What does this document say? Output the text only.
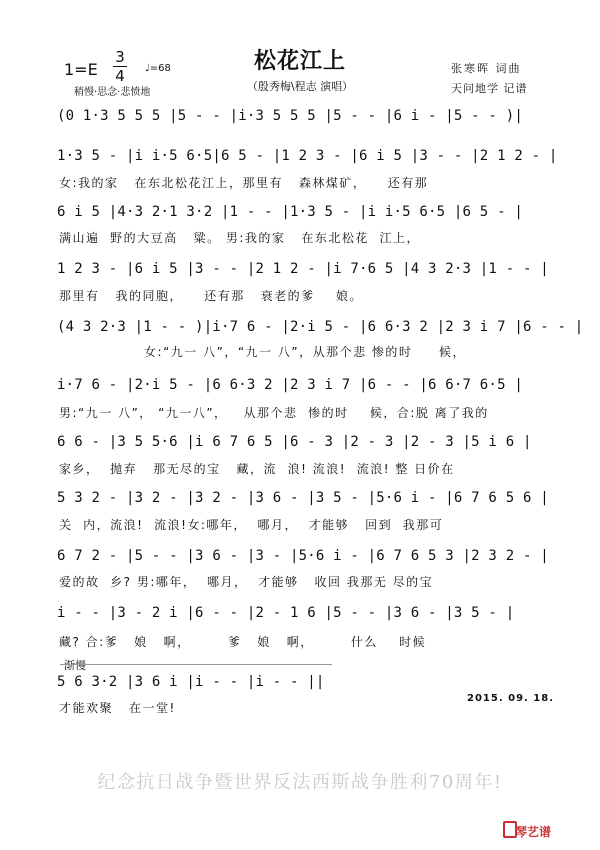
松花江上
（殷秀梅\程志 演唱）
1=E
3
4 ♩=68
稍慢·思念·悲愤地
张寒晖 词曲
天问地学 记谱
(0 1·3 5 5 5 |5 - - |i·3 5 5 5 |5 - - |6 i - |5 - - )|
1·3 5 - |i i·5 6·5|6 5 - |1 2 3 - |6 i 5 |3 - - |2 1 2 - |
女:我的家   在东北松花江上，那里有   森林煤矿，    还有那
6 i 5 |4·3 2·1 3·2 |1 - - |1·3 5 - |i i·5 6·5 |6 5 - |
满山遍  野的大豆高   粱。 男:我的家   在东北松花  江上，
1 2 3 - |6 i 5 |3 - - |2 1 2 - |i 7·6 5 |4 3 2·3 |1 - - |
那里有   我的同胞，    还有那   衰老的爹    娘。
(4 3 2·3 |1 - - )|i·7 6 - |2·i 5 - |6 6·3 2 |2 3 i 7 |6 - - |
女:“九一 八”，“九一 八”，从那个悲 惨的时     候，
i·7 6 - |2·i 5 - |6 6·3 2 |2 3 i 7 |6 - - |6 6·7 6·5 |
男:“九一 八”， “九一八”，   从那个悲  惨的时    候，合:脱 离了我的
6 6 - |3 5 5·6 |i 6 7 6 5 |6 - 3 |2 - 3 |2 - 3 |5 i 6 |
家乡，  抛弃   那无尽的宝   藏，流  浪! 流浪!  流浪! 整 日价在
5 3 2 - |3 2 - |3 2 - |3 6 - |3 5 - |5·6 i - |6 7 6 5 6 |
关  内，流浪!  流浪!女:哪年，  哪月，  才能够   回到  我那可
6 7 2 - |5 - - |3 6 - |3 - |5·6 i - |6 7 6 5 3 |2 3 2 - |
爱的故  乡? 男:哪年，  哪月，  才能够   收回 我那无 尽的宝
i - - |3 - 2 i |6 - - |2 - 1 6 |5 - - |3 6 - |3 5 - |
藏? 合:爹   娘   啊，       爹   娘   啊，       什么    时候
渐慢
5 6 3·2 |3 6 i |i - - |i - - ||
才能欢聚   在一堂!
2015. 09. 18.
纪念抗日战争暨世界反法西斯战争胜利70周年!
琴艺谱
